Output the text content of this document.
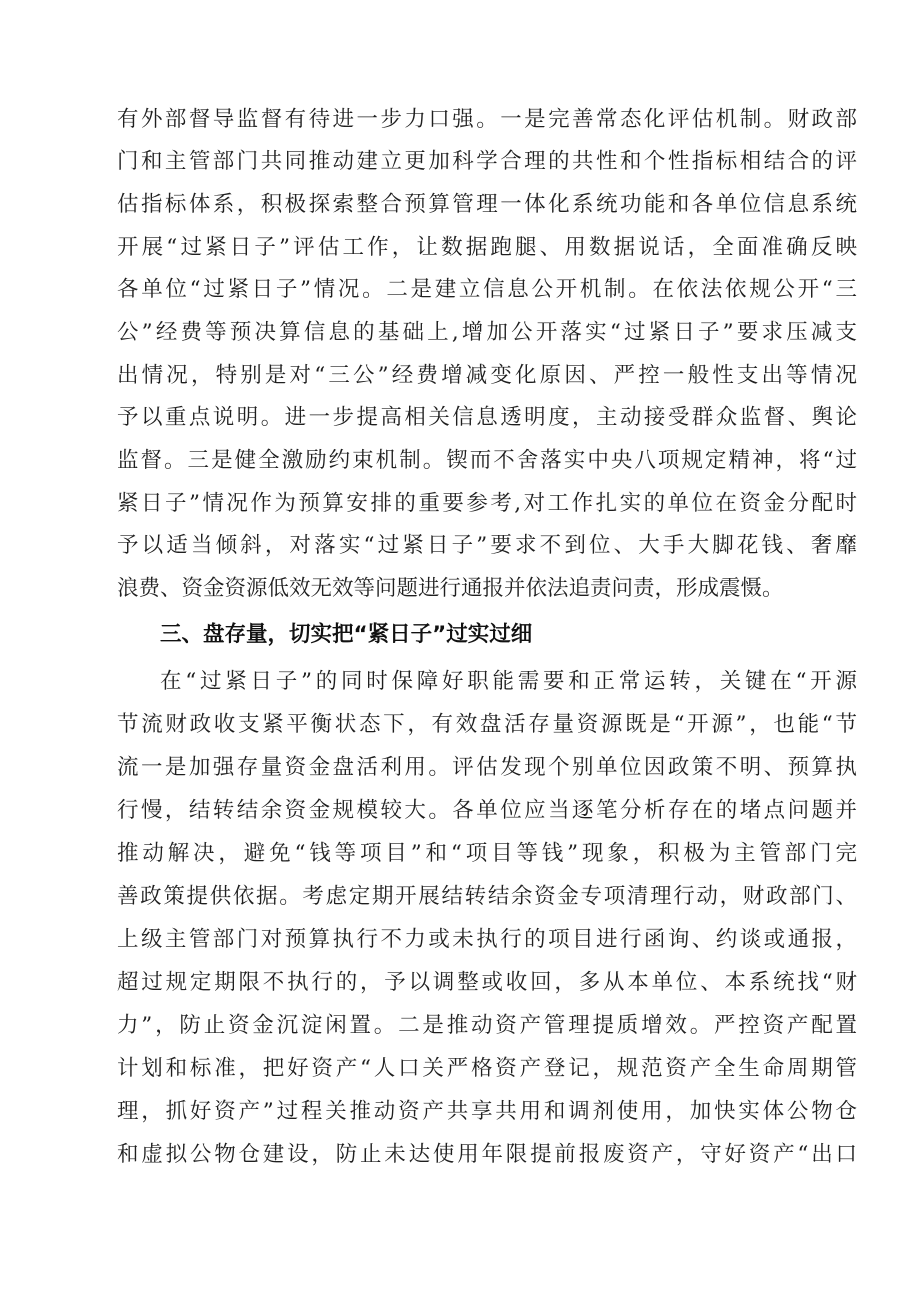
有外部督导监督有待进一步力口强。一是完善常态化评估机制。财政部
门和主管部门共同推动建立更加科学合理的共性和个性指标相结合的评
估指标体系，积极探索整合预算管理一体化系统功能和各单位信息系统
开展“过紧日子”评估工作，让数据跑腿、用数据说话，全面准确反映
各单位“过紧日子”情况。二是建立信息公开机制。在依法依规公开“三
公”经费等预决算信息的基础上,增加公开落实“过紧日子”要求压减支
出情况，特别是对“三公”经费增减变化原因、严控一般性支出等情况
予以重点说明。进一步提高相关信息透明度，主动接受群众监督、舆论
监督。三是健全激励约束机制。锲而不舍落实中央八项规定精神，将“过
紧日子”情况作为预算安排的重要参考,对工作扎实的单位在资金分配时
予以适当倾斜，对落实“过紧日子”要求不到位、大手大脚花钱、奢靡
浪费、资金资源低效无效等问题进行通报并依法追责问责，形成震慑。
三、盘存量，切实把“紧日子”过实过细
在“过紧日子”的同时保障好职能需要和正常运转，关键在“开源
节流财政收支紧平衡状态下，有效盘活存量资源既是“开源”，也能“节
流一是加强存量资金盘活利用。评估发现个别单位因政策不明、预算执
行慢，结转结余资金规模较大。各单位应当逐笔分析存在的堵点问题并
推动解决，避免“钱等项目”和“项目等钱”现象，积极为主管部门完
善政策提供依据。考虑定期开展结转结余资金专项清理行动，财政部门、
上级主管部门对预算执行不力或未执行的项目进行函询、约谈或通报，
超过规定期限不执行的，予以调整或收回，多从本单位、本系统找“财
力”，防止资金沉淀闲置。二是推动资产管理提质增效。严控资产配置
计划和标准，把好资产“人口关严格资产登记，规范资产全生命周期管
理，抓好资产”过程关推动资产共享共用和调剂使用，加快实体公物仓
和虚拟公物仓建设，防止未达使用年限提前报废资产，守好资产“出口
